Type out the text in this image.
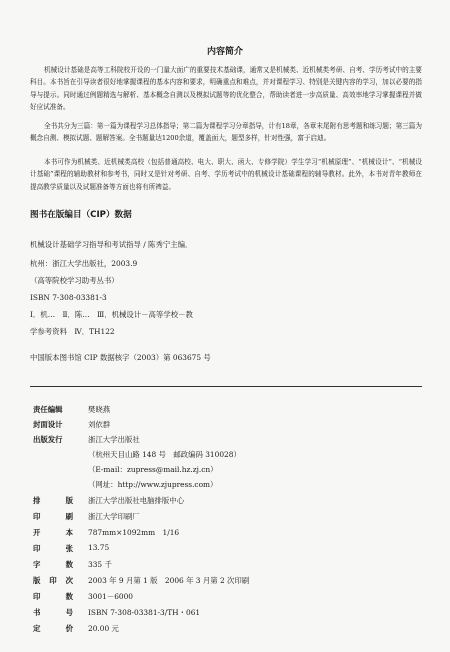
内容简介
机械设计基础是高等工科院校开设的一门量大面广的重要技术基础课，通常又是机械类、近机械类考研、自考、学历考试中的主要科目。本书旨在引导读者很好地掌握课程的基本内容和要求，明确重点和难点，并对课程学习、特别是关键内容的学习，加以必要的指导与提示。同时通过例题精选与解析、基本概念自测以及模拟试题等的优化整合，帮助读者进一步高质量、高效率地学习掌握课程并做好应试准备。
全书共分为三篇：第一篇为课程学习总体指导；第二篇为课程学习分章指导，计有18章，各章末尾附有思考题和练习题；第三篇为概念自测、模拟试题、题解答案。全书题量达1200余道，覆盖面大，题型多样，针对性强，富于启迪。
本书可作为机械类、近机械类高校（包括普通高校、电大、职大、函大、专修学院）学生学习“机械原理”、“机械设计”、“机械设计基础”课程的辅助教材和参考书，同时又是针对考研、自考、学历考试中的机械设计基础课程的辅导教材。此外，本书对青年教师在提高教学质量以及试题准备等方面也将有所裨益。
图书在版编目（CIP）数据
机械设计基础学习指导和考试指导 / 陈秀宁主编．
杭州：浙江大学出版社，2003.9
（高等院校学习助考丛书）
ISBN 7-308-03381-3
Ⅰ．机…　Ⅱ．陈…　Ⅲ．机械设计－高等学校－教
学参考资料　Ⅳ．TH122
中国版本图书馆 CIP 数据核字（2003）第 063675 号
责任编辑	樊晓燕
封面设计	刘依群
出版发行	浙江大学出版社
（杭州天目山路 148 号　邮政编码 310028）
（E-mail：zupress@mail.hz.zj.cn）
（网址：http://www.zjupress.com）
排	版 浙江大学出版社电脑排版中心
印	刷 浙江大学印刷厂
开	本 787mm×1092mm　1/16
印	张 13.75
字	数 335 千
版 印 次 2003 年 9 月第 1 版　2006 年 3 月第 2 次印刷
印	数 3001－6000
书	号 ISBN 7-308-03381-3/TH・061
定	价 20.00 元
